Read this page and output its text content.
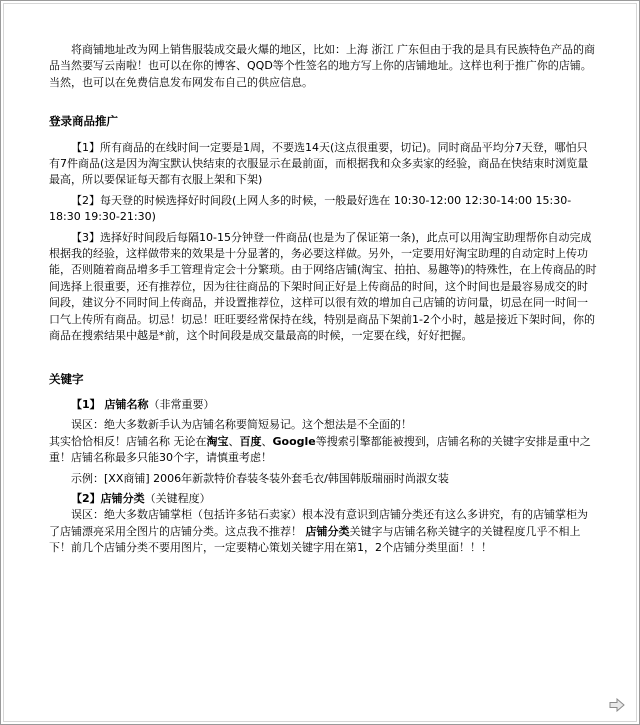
将商铺地址改为网上销售服装成交最火爆的地区，比如：上海 浙江 广东但由于我的是具有民族特色产品的商品当然要写云南啦！也可以在你的博客、QQD等个性签名的地方写上你的店铺地址。这样也利于推广你的店铺。当然，也可以在免费信息发布网发布自己的供应信息。

登录商品推广

【1】所有商品的在线时间一定要是1周，不要选14天(这点很重要，切记)。同时商品平均分7天登，哪怕只有7件商品(这是因为淘宝默认快结束的衣服显示在最前面，而根据我和众多卖家的经验，商品在快结束时浏览量最高，所以要保证每天都有衣服上架和下架)

【2】每天登的时候选择好时间段(上网人多的时候，一般最好选在 10:30-12:00 12:30-14:00 15:30-18:30 19:30-21:30)

【3】选择好时间段后每隔10-15分钟登一件商品(也是为了保证第一条)，此点可以用淘宝助理帮你自动完成根据我的经验，这样做带来的效果是十分显著的，务必要这样做。另外，一定要用好淘宝助理的自动定时上传功能，否则随着商品增多手工管理肯定会十分繁琐。由于网络店铺(淘宝、拍拍、易趣等)的特殊性，在上传商品的时间选择上很重要，还有推荐位，因为往往商品的下架时间正好是上传商品的时间，这个时间也是最容易成交的时间段，建议分不同时间上传商品，并设置推荐位，这样可以很有效的增加自己店铺的访问量，切忌在同一时间一口气上传所有商品。切忌！切忌！旺旺要经常保持在线，特别是商品下架前1-2个小时，越是接近下架时间，你的商品在搜索结果中越是*前，这个时间段是成交量最高的时候，一定要在线，好好把握。

关键字

【1】 店铺名称（非常重要）

误区：绝大多数新手认为店铺名称要简短易记。这个想法是不全面的！

其实恰恰相反！店铺名称 无论在淘宝、百度、Google等搜索引擎都能被搜到，店铺名称的关键字安排是重中之重！店铺名称最多只能30个字，请慎重考虑！

示例：[XX商铺] 2006年新款特价春装冬装外套毛衣/韩国韩版瑞丽时尚淑女装

【2】店铺分类（关键程度）

误区：绝大多数店铺掌柜（包括许多钻石卖家）根本没有意识到店铺分类还有这么多讲究，有的店铺掌柜为了店铺漂亮采用全图片的店铺分类。这点我不推荐！ 店铺分类关键字与店铺名称关键字的关键程度几乎不相上下！前几个店铺分类不要用图片，一定要精心策划关键字用在第1，2个店铺分类里面！！！
